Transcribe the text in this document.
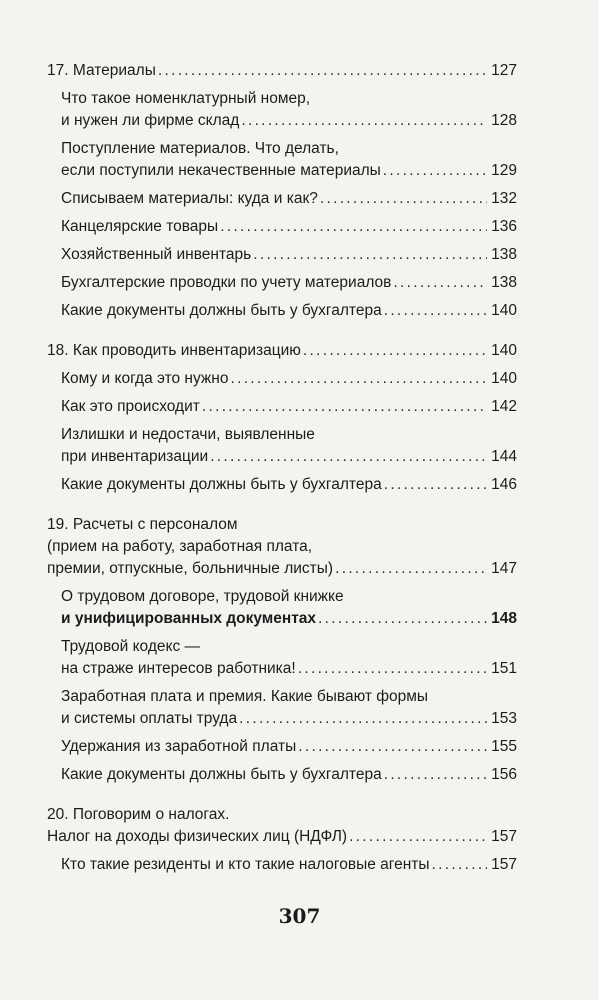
17. Материалы . . .	127
Что такое номенклатурный номер,
и нужен ли фирме склад . . .	128
Поступление материалов. Что делать,
если поступили некачественные материалы . . .	129
Списываем материалы: куда и как? . . .	132
Канцелярские товары . . .	136
Хозяйственный инвентарь . . .	138
Бухгалтерские проводки по учету материалов . . .	138
Какие документы должны быть у бухгалтера . . .	140
18. Как проводить инвентаризацию . . .	140
Кому и когда это нужно . . .	140
Как это происходит . . .	142
Излишки и недостачи, выявленные
при инвентаризации . . .	144
Какие документы должны быть у бухгалтера . . .	146
19. Расчеты с персоналом
(прием на работу, заработная плата,
премии, отпускные, больничные листы) . . .	147
О трудовом договоре, трудовой книжке
и унифицированных документах . . .	148
Трудовой кодекс —
на страже интересов работника! . . .	151
Заработная плата и премия. Какие бывают формы
и системы оплаты труда . . .	153
Удержания из заработной платы . . .	155
Какие документы должны быть у бухгалтера . . .	156
20. Поговорим о налогах.
Налог на доходы физических лиц (НДФЛ) . . .	157
Кто такие резиденты и кто такие налоговые агенты . . .	157
307
